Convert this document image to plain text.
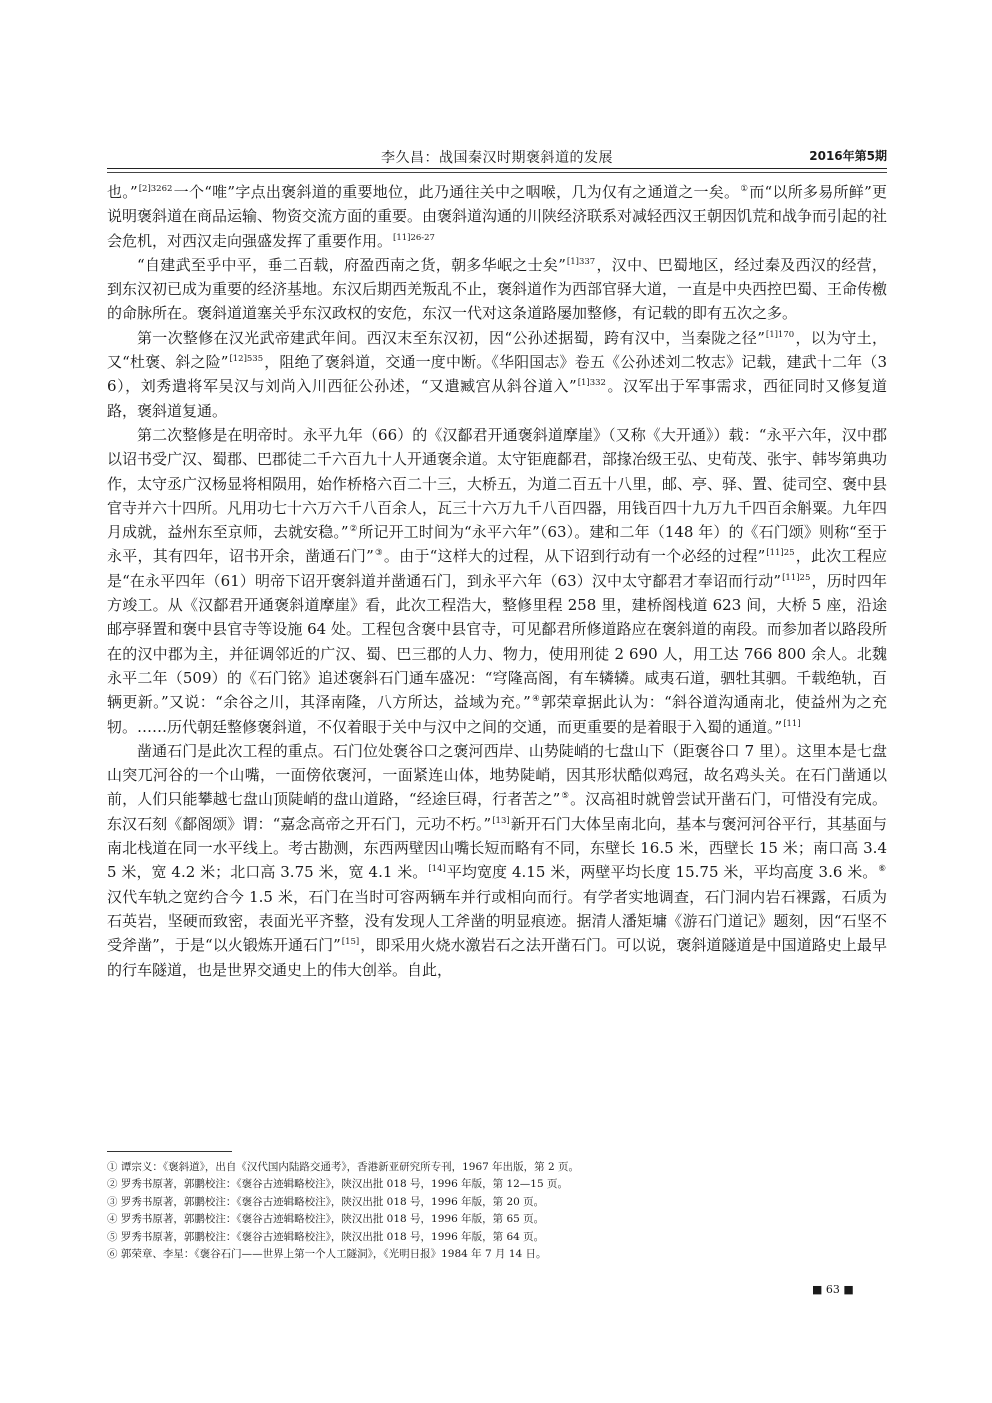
李久昌：战国秦汉时期褒斜道的发展	2016年第5期

也。”$^{[2]3262}$一个“唯”字点出褒斜道的重要地位，此乃通往关中之咽喉，几为仅有之通道之一矣。①而“以所多易所鲜”更说明褒斜道在商品运输、物资交流方面的重要。由褒斜道沟通的川陕经济联系对减轻西汉王朝因饥荒和战争而引起的社会危机，对西汉走向强盛发挥了重要作用。$^{[11]26-27}$

“自建武至乎中平，垂二百载，府盈西南之货，朝多华岷之士矣”$^{[1]337}$，汉中、巴蜀地区，经过秦及西汉的经营，到东汉初已成为重要的经济基地。东汉后期西羌叛乱不止，褒斜道作为西部官驿大道，一直是中央西控巴蜀、王命传檄的命脉所在。褒斜道道塞关乎东汉政权的安危，东汉一代对这条道路屡加整修，有记载的即有五次之多。

第一次整修在汉光武帝建武年间。西汉末至东汉初，因“公孙述据蜀，跨有汉中，当秦陇之径”$^{[1]170}$，以为守土，又“杜褒、斜之险”$^{[12]535}$，阻绝了褒斜道，交通一度中断。《华阳国志》卷五《公孙述刘二牧志》记载，建武十二年（36），刘秀遣将军吴汉与刘尚入川西征公孙述，“又遣臧宫从斜谷道入”$^{[1]332}$。汉军出于军事需求，西征同时又修复道路，褒斜道复通。

第二次整修是在明帝时。永平九年（66）的《汉鄐君开通褒斜道摩崖》（又称《大开通》）载：“永平六年，汉中郡以诏书受广汉、蜀郡、巴郡徒二千六百九十人开通褒余道。太守钜鹿鄐君，部掾冶级王弘、史荀茂、张宇、韩岑第典功作，太守丞广汉杨显将相陨用，始作桥格六百二十三，大桥五，为道二百五十八里，邮、亭、驿、置、徒司空、褒中县官寺并六十四所。凡用功七十六万六千八百余人，瓦三十六万九千八百四器，用钱百四十九万九千四百余斛粟。九年四月成就，益州东至京师，去就安稳。”②所记开工时间为“永平六年”（63）。建和二年（148 年）的《石门颂》则称“至于永平，其有四年，诏书开余，凿通石门”③。由于“这样大的过程，从下诏到行动有一个必经的过程”$^{[11]25}$，此次工程应是“在永平四年（61）明帝下诏开褒斜道并凿通石门，到永平六年（63）汉中太守鄐君才奉诏而行动”$^{[11]25}$，历时四年方竣工。从《汉鄐君开通褒斜道摩崖》看，此次工程浩大，整修里程 258 里，建桥阁栈道 623 间，大桥 5 座，沿途邮亭驿置和褒中县官寺等设施 64 处。工程包含褒中县官寺，可见鄐君所修道路应在褒斜道的南段。而参加者以路段所在的汉中郡为主，并征调邻近的广汉、蜀、巴三郡的人力、物力，使用刑徒 2 690 人，用工达 766 800 余人。北魏永平二年（509）的《石门铭》追述褒斜石门通车盛况：“穹隆高阁，有车辚辚。咸夷石道，驷牡其驷。千载绝轨，百辆更新。”又说：“余谷之川，其泽南隆，八方所达，益域为充。”④郭荣章据此认为：“斜谷道沟通南北，使益州为之充牣。……历代朝廷整修褒斜道，不仅着眼于关中与汉中之间的交通，而更重要的是着眼于入蜀的通道。”[11]

凿通石门是此次工程的重点。石门位处褒谷口之褒河西岸、山势陡峭的七盘山下（距褒谷口 7 里）。这里本是七盘山突兀河谷的一个山嘴，一面傍依褒河，一面紧连山体，地势陡峭，因其形状酷似鸡冠，故名鸡头关。在石门凿通以前，人们只能攀越七盘山顶陡峭的盘山道路，“经途巨碍，行者苦之”⑤。汉高祖时就曾尝试开凿石门，可惜没有完成。东汉石刻《鄐阁颂》谓：“嘉念高帝之开石门，元功不朽。”[13]新开石门大体呈南北向，基本与褒河河谷平行，其基面与南北栈道在同一水平线上。考古勘测，东西两壁因山嘴长短而略有不同，东壁长 16.5 米，西壁长 15 米；南口高 3.45 米，宽 4.2 米；北口高 3.75 米，宽 4.1 米。[14]平均宽度 4.15 米，两壁平均长度 15.75 米，平均高度 3.6 米。⑥汉代车轨之宽约合今 1.5 米，石门在当时可容两辆车并行或相向而行。有学者实地调查，石门洞内岩石裸露，石质为石英岩，坚硬而致密，表面光平齐整，没有发现人工斧凿的明显痕迹。据清人潘矩墉《游石门道记》题刻，因“石坚不受斧凿”，于是“以火锻炼开通石门”[15]，即采用火烧水激岩石之法开凿石门。可以说，褒斜道隧道是中国道路史上最早的行车隧道，也是世界交通史上的伟大创举。自此，

① 谭宗义：《褒斜道》，出自《汉代国内陆路交通考》，香港新亚研究所专刊，1967 年出版，第 2 页。
② 罗秀书原著，郭鹏校注：《褒谷古迹辑略校注》，陕汉出批 018 号，1996 年版，第 12—15 页。
③ 罗秀书原著，郭鹏校注：《褒谷古迹辑略校注》，陕汉出批 018 号，1996 年版，第 20 页。
④ 罗秀书原著，郭鹏校注：《褒谷古迹辑略校注》，陕汉出批 018 号，1996 年版，第 65 页。
⑤ 罗秀书原著，郭鹏校注：《褒谷古迹辑略校注》，陕汉出批 018 号，1996 年版，第 64 页。
⑥ 郭荣章、李星：《褒谷石门——世界上第一个人工隧洞》，《光明日报》1984 年 7 月 14 日。
■ 63 ■
